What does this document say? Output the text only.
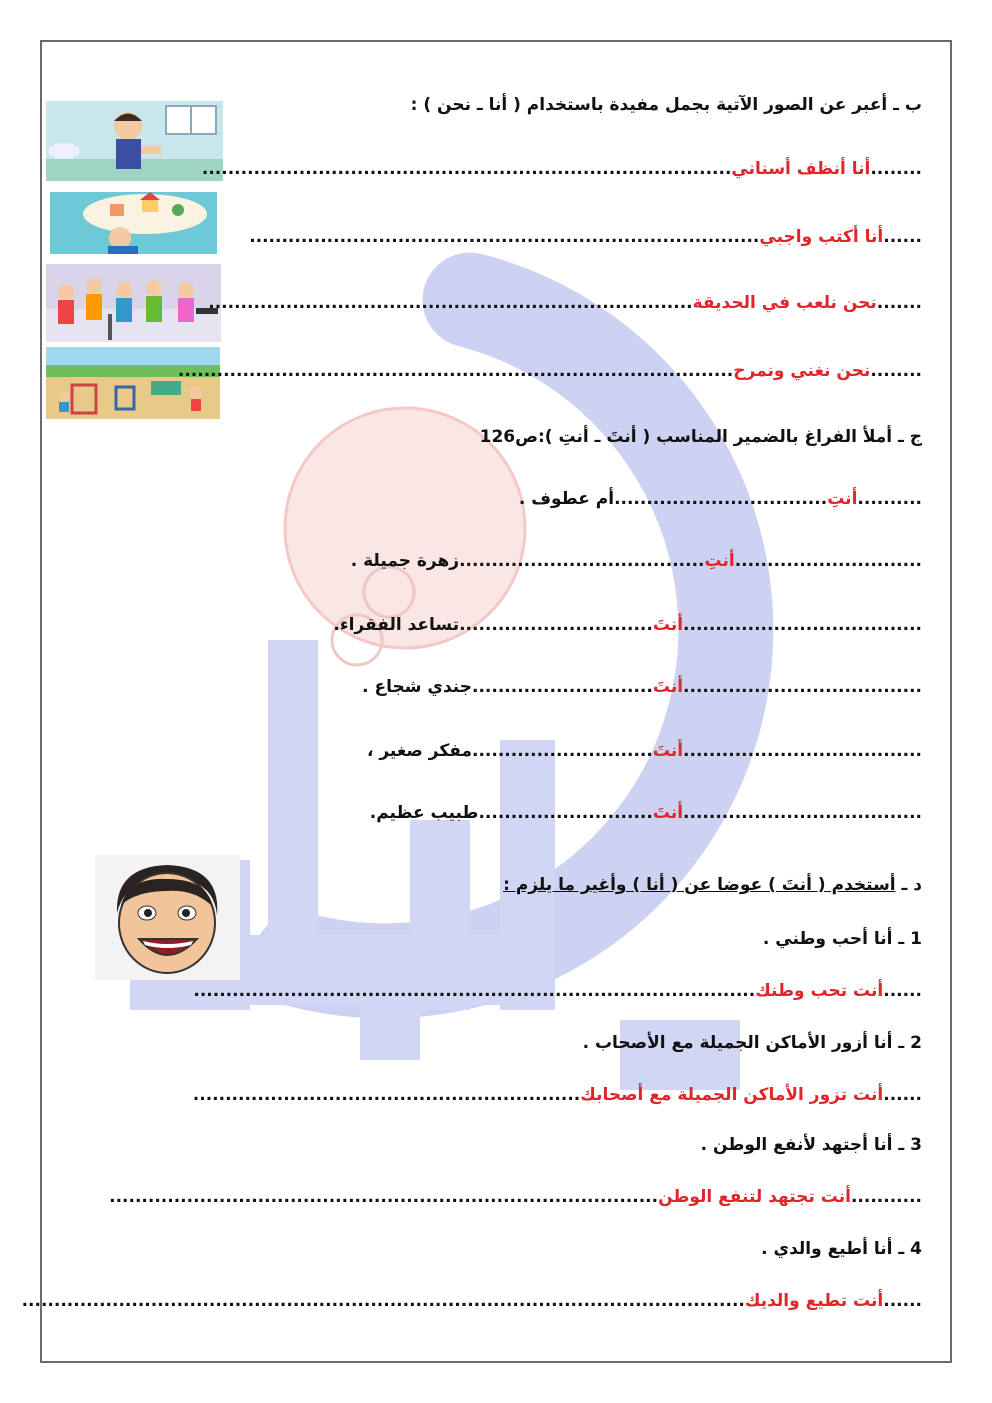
ب ـ أعبر عن الصور الآتية بجمل مفيدة باستخدام ( أنا ـ نحن ) :
........أنا أنظف أسناني..................................................................................
......أنا أكتب واجبي...............................................................................
.......نحن نلعب في الحديقة...........................................................................
........نحن نغني ونمرح......................................................................................
ج ـ أملأ الفراغ بالضمير المناسب ( أنتَ ـ أنتِ ):ص126
..........أنتِ.................................أم عطوف .
.............................أنتِ......................................زهرة جميلة .
.....................................أنتَ..............................تساعد الفقراء.
.....................................أنتَ............................جندي شجاع .
.....................................أنتَ............................مفكر صغير ،
.....................................أنتَ...........................طبيب عظيم.
د ـ أستخدم ( أنتَ ) عوضا عن ( أنا ) وأغير ما يلزم :
1 ـ أنا أحب وطني .
......أنت تحب وطنك.......................................................................................
2 ـ أنا أزور الأماكن الجميلة مع الأصحاب .
......أنت تزور الأماكن الجميلة مع أصحابك............................................................
3 ـ أنا أجتهد لأنفع الوطن .
...........أنت تجتهد لتنفع الوطن.....................................................................................
4 ـ أنا أطيع والدي .
......أنت تطيع والديك................................................................................................................
